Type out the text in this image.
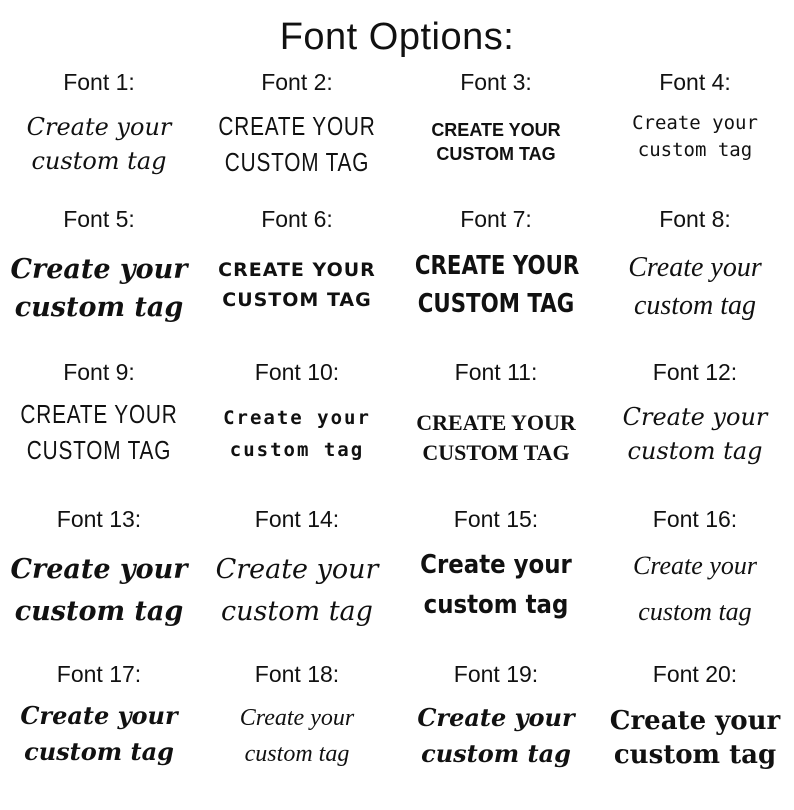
Font Options:
Font 1:
Create your
custom tag
Font 2:
CREATE YOUR
CUSTOM TAG
Font 3:
CREATE YOUR
CUSTOM TAG
Font 4:
Create your
custom tag
Font 5:
Create your
custom tag
Font 6:
CREATE YOUR
CUSTOM TAG
Font 7:
CREATE YOUR
CUSTOM TAG
Font 8:
Create your
custom tag
Font 9:
CREATE YOUR
CUSTOM TAG
Font 10:
Create your
custom tag
Font 11:
CREATE YOUR
CUSTOM TAG
Font 12:
Create your
custom tag
Font 13:
Create your
custom tag
Font 14:
Create your
custom tag
Font 15:
Create your
custom tag
Font 16:
Create your
custom tag
Font 17:
Create your
custom tag
Font 18:
Create your
custom tag
Font 19:
Create your
custom tag
Font 20:
Create your
custom tag
